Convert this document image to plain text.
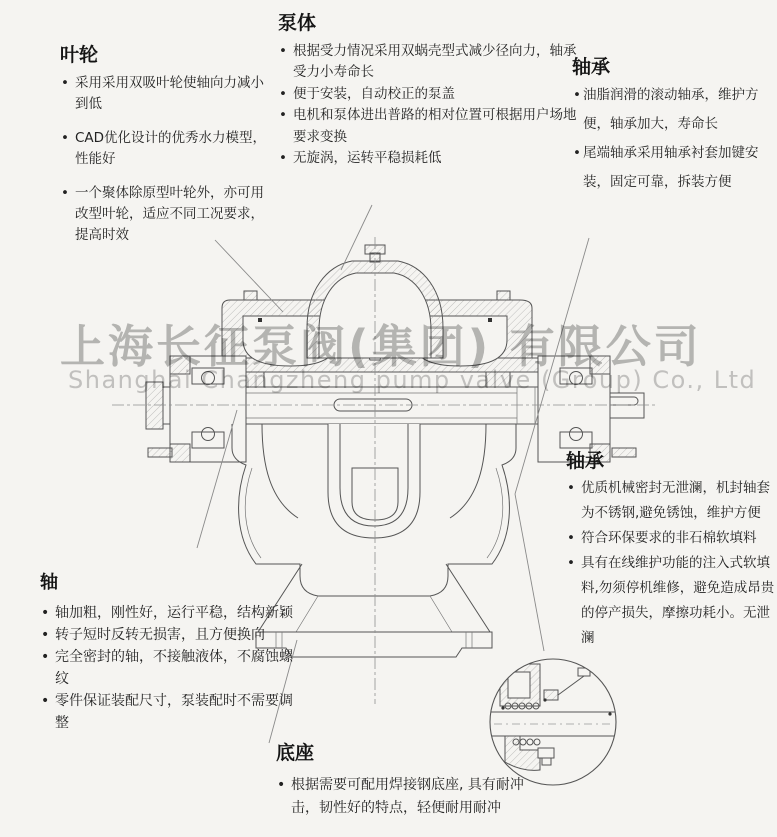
上海长征泵阀(集团) 有限公司
Shanghai Changzheng pump valve (Group) Co., Ltd
叶轮
• 采用采用双吸叶轮使轴向力减小到低
• CAD优化设计的优秀水力模型，性能好
• 一个聚体除原型叶轮外，亦可用改型叶轮，适应不同工况要求，提高时效
泵体
• 根据受力情况采用双蜗壳型式减少径向力，轴承受力小寿命长
• 便于安装，自动校正的泵盖
• 电机和泵体进出普路的相对位置可根据用户场地要求变换
• 无旋涡，运转平稳损耗低
轴承
• 油脂润滑的滚动轴承，维护方便，轴承加大，寿命长
• 尾端轴承采用轴承衬套加键安装，固定可靠，拆装方便
轴承
• 优质机械密封无泄澜，机封轴套为不锈钢,避免锈蚀，维护方便
• 符合环保要求的非石棉软填料
• 具有在线维护功能的注入式软填料,勿须停机维修，避免造成昂贵的停产损失，摩擦功耗小。无泄澜
轴
• 轴加粗，刚性好，运行平稳，结构新颖
• 转子短时反转无损害，且方便换向
• 完全密封的轴，不接触液体，不腐蚀螺纹
• 零件保证装配尺寸，泵装配时不需要调整
底座
• 根据需要可配用焊接钢底座, 具有耐冲击，韧性好的特点，轻便耐用耐冲
